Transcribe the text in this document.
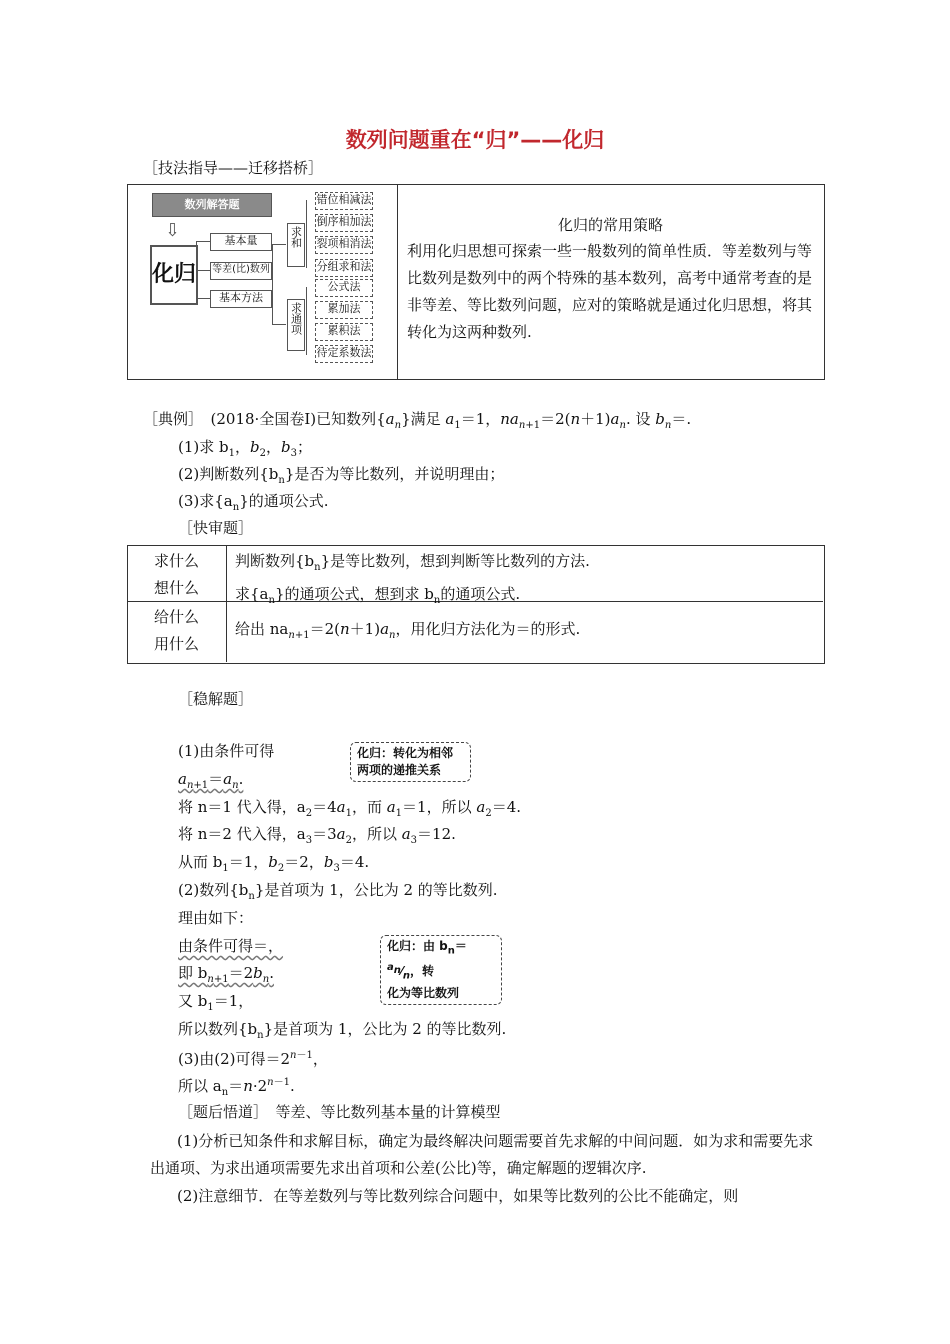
数列问题重在“归”——化归
［技法指导——迁移搭桥］
数列解答题
⇩
化归
基本量
等差(比)数列
基本方法
求和
求通项
错位相减法
倒序相加法
裂项相消法
分组求和法
公式法
累加法
累积法
待定系数法
化归的常用策略
利用化归思想可探索一些一般数列的简单性质．等差数列与等比数列是数列中的两个特殊的基本数列，高考中通常考查的是非等差、等比数列问题，应对的策略就是通过化归思想，将其转化为这两种数列.
［典例］　 (2018·全国卷Ⅰ)已知数列$\{a_n\}$满足 $a_1=1$，$na_{n+1}=2(n+1)a_n$. 设 $b_n=$.
(1)求 $b_1$，$b_2$，$b_3$；
(2)判断数列$\{b_n\}$是否为等比数列，并说明理由；
(3)求$\{a_n\}$的通项公式.
［快审题］
求什么
想什么
判断数列$\{b_n\}$是等比数列，想到判断等比数列的方法.
求$\{a_n\}$的通项公式，想到求 $b_n$的通项公式.
给什么
用什么
给出 $na_{n+1}=2(n+1)a_n$，用化归方法化为＝的形式.
［稳解题］
(1)由条件可得
$a_{n+1}=a_n$.
化归：转化为相邻
两项的递推关系
将 n＝1 代入得，$a_2=4a_1$，而 $a_1=1$，所以 $a_2=4$.
将 n＝2 代入得，$a_3=3a_2$，所以 $a_3=12$.
从而 $b_1=1$，$b_2=2$，$b_3=4$.
(2)数列$\{b_n\}$是首项为 1，公比为 2 的等比数列.
理由如下：
由条件可得＝，
即 $b_{n+1}=2b_n$.
化归：由 $b_n=^{a_n}⁄_n$，转
化为等比数列
又 $b_1=1$，
所以数列$\{b_n\}$是首项为 1，公比为 2 的等比数列.
(3)由(2)可得$=2^{n-1}$，
所以 $a_n=n\cdot 2^{n-1}$.
［题后悟道］　 等差、等比数列基本量的计算模型
(1)分析已知条件和求解目标，确定为最终解决问题需要首先求解的中间问题．如为求和需要先求出通项、为求出通项需要先求出首项和公差(公比)等，确定解题的逻辑次序.
(2)注意细节．在等差数列与等比数列综合问题中，如果等比数列的公比不能确定，则
